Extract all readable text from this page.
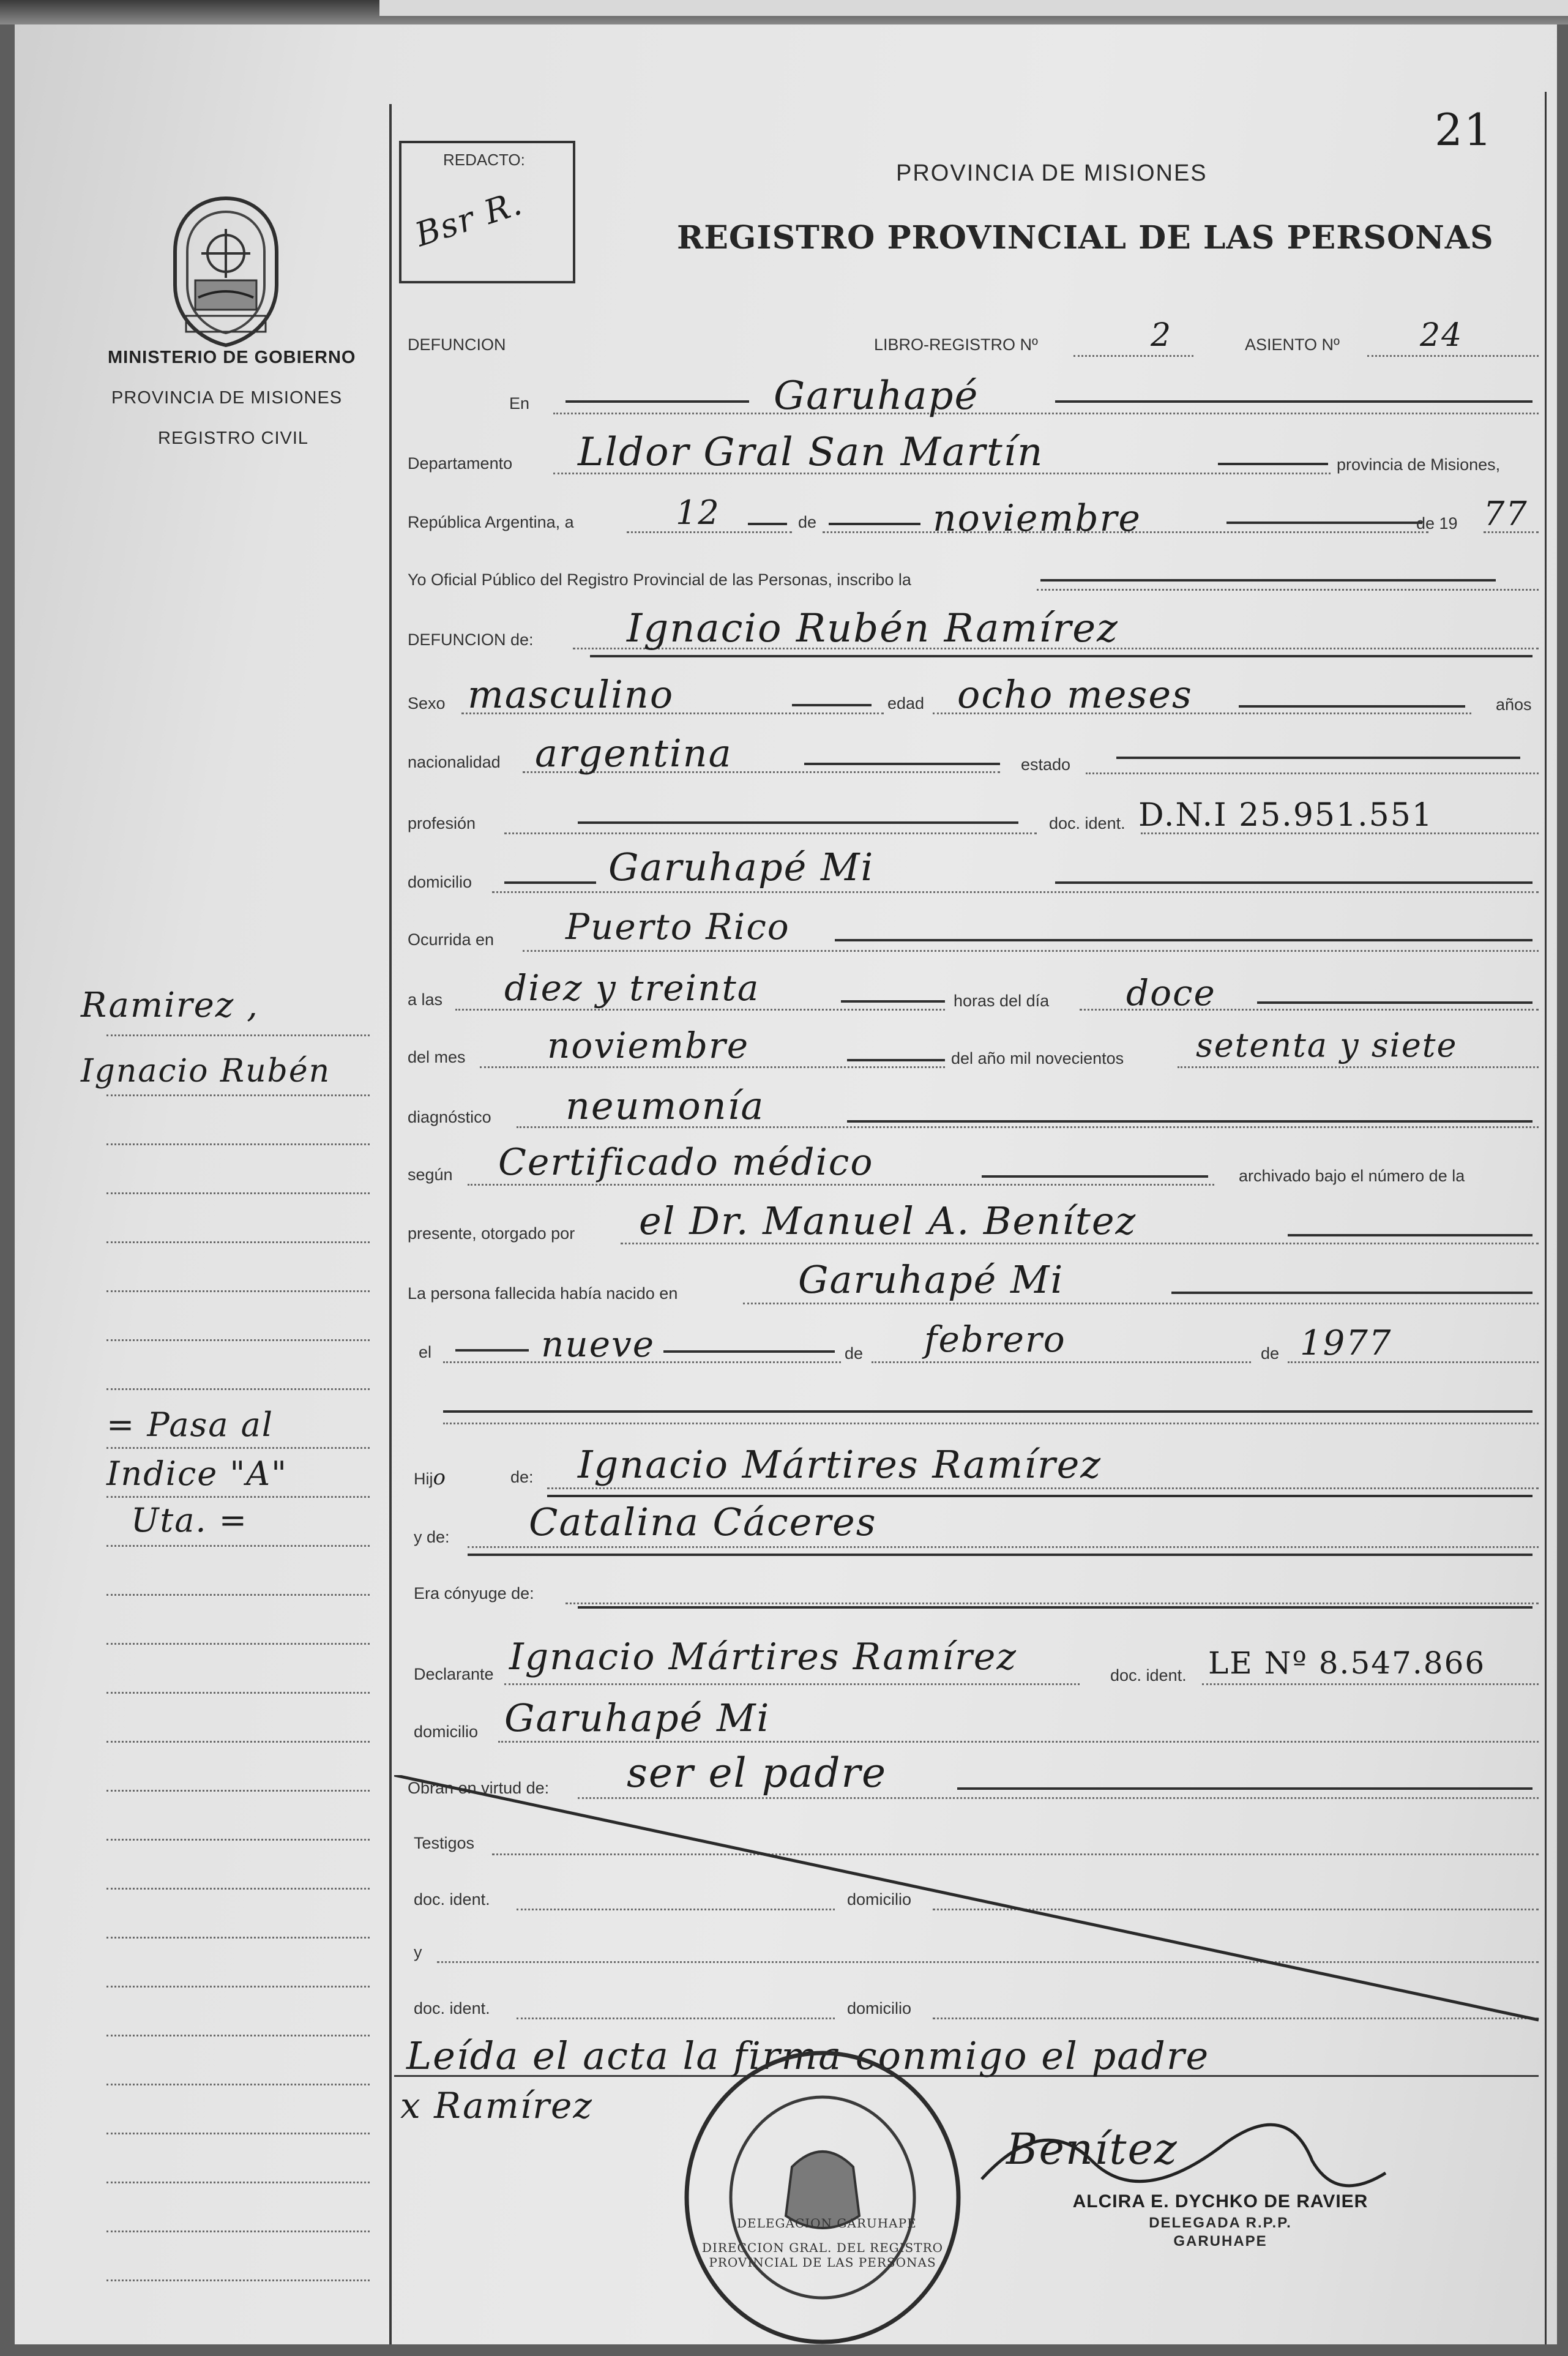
21
REDACTO:
Bsr R.
PROVINCIA DE MISIONES
REGISTRO PROVINCIAL DE LAS PERSONAS
MINISTERIO DE GOBIERNO
PROVINCIA DE MISIONES
REGISTRO CIVIL
Ramirez ,
Ignacio Rubén
= Pasa al
Indice "A"
Uta. =
DEFUNCION	LIBRO-REGISTRO Nº	2	ASIENTO Nº	24
En	Garuhapé
Departamento Lldor Gral San Martín	provincia de Misiones,
República Argentina, a	12	de	noviembre	de 19 77
Yo Oficial Público del Registro Provincial de las Personas, inscribo la
DEFUNCION de: Ignacio Rubén Ramírez
Sexo masculino	edad ocho meses	años
nacionalidad argentina	estado
profesión	doc. ident. D.N.I 25.951.551
domicilio	Garuhapé Mi
Ocurrida en Puerto Rico
a las diez y treinta	horas del día doce
del mes noviembre	del año mil novecientos setenta y siete
diagnóstico neumonía
según Certificado médico	archivado bajo el número de la
presente, otorgado por el Dr. Manuel A. Benítez
La persona fallecida había nacido en	Garuhapé Mi
el	nueve	de febrero	de 1977
Hijo	de: Ignacio Mártires Ramírez
y de: Catalina Cáceres
Era cónyuge de:
Declarante Ignacio Mártires Ramírez	doc. ident. LE Nº 8.547.866
domicilio Garuhapé Mi
Obran en virtud de: ser el padre
Testigos
doc. ident.	domicilio
y
doc. ident.	domicilio
Leída el acta la firma conmigo el padre
DIRECCION GRAL. DEL REGISTRO PROVINCIAL DE LAS PERSONAS
DELEGACION GARUHAPE
x Ramírez
Benítez
ALCIRA E. DYCHKO DE RAVIER
DELEGADA R.P.P.
GARUHAPE
